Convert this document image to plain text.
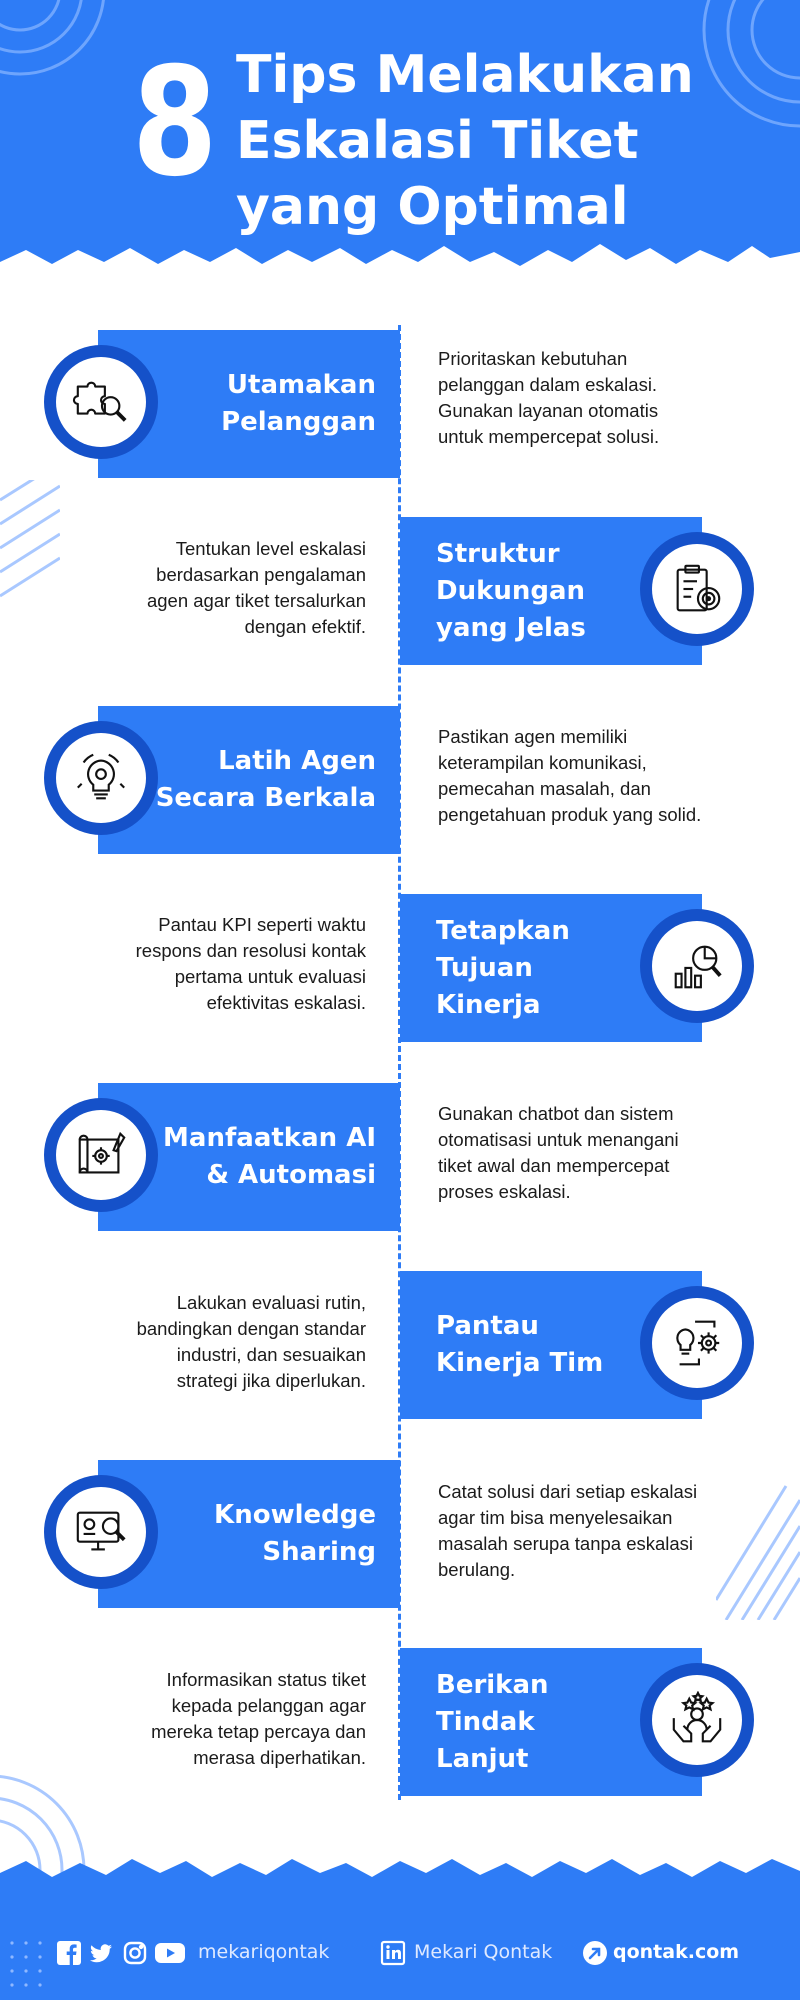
8 Tips Melakukan
Eskalasi Tiket
yang Optimal
Utamakan
Pelanggan
Prioritaskan kebutuhan
pelanggan dalam eskalasi.
Gunakan layanan otomatis
untuk mempercepat solusi.
Struktur
Dukungan
yang Jelas
Tentukan level eskalasi
berdasarkan pengalaman
agen agar tiket tersalurkan
dengan efektif.
Latih Agen
Secara Berkala
Pastikan agen memiliki
keterampilan komunikasi,
pemecahan masalah, dan
pengetahuan produk yang solid.
Tetapkan
Tujuan Kinerja
Pantau KPI seperti waktu
respons dan resolusi kontak
pertama untuk evaluasi
efektivitas eskalasi.
Manfaatkan AI
& Automasi
Gunakan chatbot dan sistem
otomatisasi untuk menangani
tiket awal dan mempercepat
proses eskalasi.
Pantau
Kinerja Tim
Lakukan evaluasi rutin,
bandingkan dengan standar
industri, dan sesuaikan
strategi jika diperlukan.
Knowledge
Sharing
Catat solusi dari setiap eskalasi
agar tim bisa menyelesaikan
masalah serupa tanpa eskalasi
berulang.
Berikan
Tindak Lanjut
Informasikan status tiket
kepada pelanggan agar
mereka tetap percaya dan
merasa diperhatikan.
mekariqontak	Mekari Qontak	qontak.com
